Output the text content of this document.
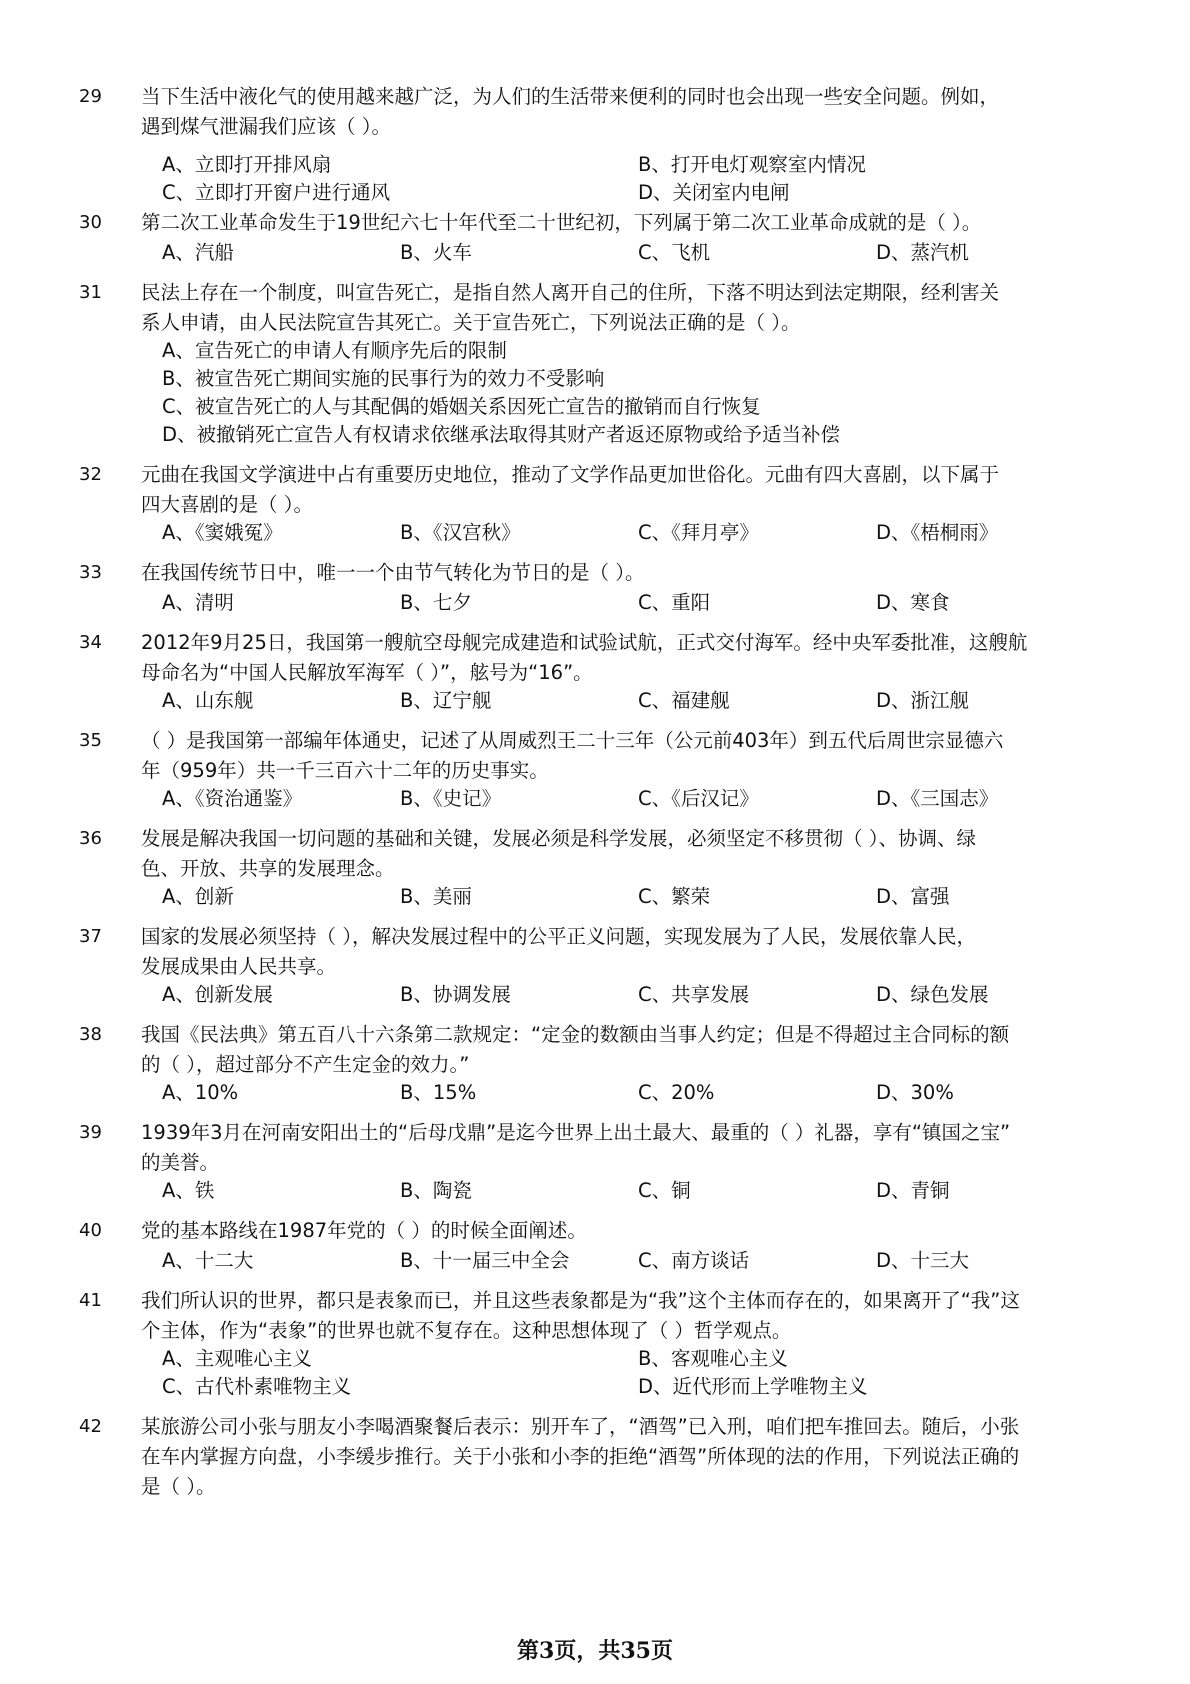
29 当下生活中液化气的使用越来越广泛，为人们的生活带来便利的同时也会出现一些安全问题。例如，
遇到煤气泄漏我们应该（ ）。
A、立即打开排风扇	B、打开电灯观察室内情况
C、立即打开窗户进行通风	D、关闭室内电闸
30 第二次工业革命发生于19世纪六七十年代至二十世纪初，下列属于第二次工业革命成就的是（ ）。
A、汽船	B、火车	C、飞机	D、蒸汽机
31 民法上存在一个制度，叫宣告死亡，是指自然人离开自己的住所，下落不明达到法定期限，经利害关
系人申请，由人民法院宣告其死亡。关于宣告死亡，下列说法正确的是（ ）。
A、宣告死亡的申请人有顺序先后的限制
B、被宣告死亡期间实施的民事行为的效力不受影响
C、被宣告死亡的人与其配偶的婚姻关系因死亡宣告的撤销而自行恢复
D、被撤销死亡宣告人有权请求依继承法取得其财产者返还原物或给予适当补偿
32 元曲在我国文学演进中占有重要历史地位，推动了文学作品更加世俗化。元曲有四大喜剧，以下属于
四大喜剧的是（ ）。
A、《窦娥冤》	B、《汉宫秋》	C、《拜月亭》	D、《梧桐雨》
33 在我国传统节日中，唯一一个由节气转化为节日的是（ ）。
A、清明	B、七夕	C、重阳	D、寒食
34 2012年9月25日，我国第一艘航空母舰完成建造和试验试航，正式交付海军。经中央军委批准，这艘航
母命名为“中国人民解放军海军（ ）”，舷号为“16”。
A、山东舰	B、辽宁舰	C、福建舰	D、浙江舰
35 （ ）是我国第一部编年体通史，记述了从周威烈王二十三年（公元前403年）到五代后周世宗显德六
年（959年）共一千三百六十二年的历史事实。
A、《资治通鉴》	B、《史记》	C、《后汉记》	D、《三国志》
36 发展是解决我国一切问题的基础和关键，发展必须是科学发展，必须坚定不移贯彻（ ）、协调、绿
色、开放、共享的发展理念。
A、创新	B、美丽	C、繁荣	D、富强
37 国家的发展必须坚持（ ），解决发展过程中的公平正义问题，实现发展为了人民，发展依靠人民，
发展成果由人民共享。
A、创新发展	B、协调发展	C、共享发展	D、绿色发展
38 我国《民法典》第五百八十六条第二款规定：“定金的数额由当事人约定；但是不得超过主合同标的额
的（ ），超过部分不产生定金的效力。”
A、10%	B、15%	C、20%	D、30%
39 1939年3月在河南安阳出土的“后母戊鼎”是迄今世界上出土最大、最重的（ ）礼器，享有“镇国之宝”
的美誉。
A、铁	B、陶瓷	C、铜	D、青铜
40 党的基本路线在1987年党的（ ）的时候全面阐述。
A、十二大	B、十一届三中全会	C、南方谈话	D、十三大
41 我们所认识的世界，都只是表象而已，并且这些表象都是为“我”这个主体而存在的，如果离开了“我”这
个主体，作为“表象”的世界也就不复存在。这种思想体现了（ ）哲学观点。
A、主观唯心主义	B、客观唯心主义
C、古代朴素唯物主义	D、近代形而上学唯物主义
42 某旅游公司小张与朋友小李喝酒聚餐后表示：别开车了，“酒驾”已入刑，咱们把车推回去。随后，小张
在车内掌握方向盘，小李缓步推行。关于小张和小李的拒绝“酒驾”所体现的法的作用，下列说法正确的
是（ ）。
第3页，共35页
